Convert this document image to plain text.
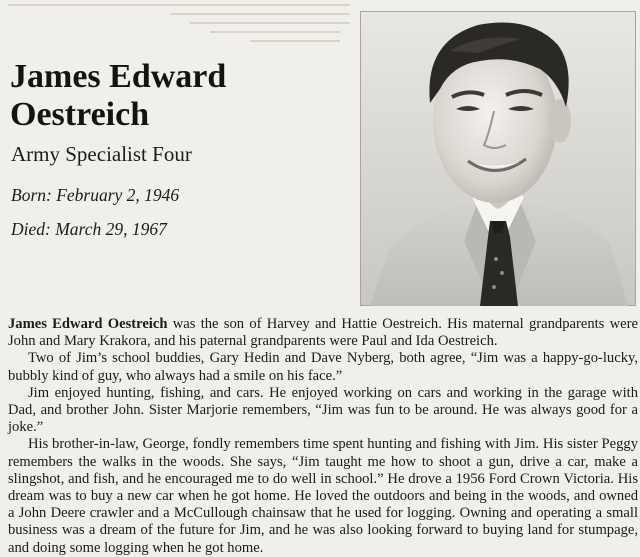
James Edward Oestreich
Army Specialist Four
Born: February 2, 1946
Died: March 29, 1967

James Edward Oestreich was the son of Harvey and Hattie Oestreich. His maternal grandparents were John and Mary Krakora, and his paternal grandparents were Paul and Ida Oestreich.

Two of Jim’s school buddies, Gary Hedin and Dave Nyberg, both agree, “Jim was a happy-go-lucky, bubbly kind of guy, who always had a smile on his face.”

Jim enjoyed hunting, fishing, and cars. He enjoyed working on cars and working in the garage with Dad, and brother John. Sister Marjorie remembers, “Jim was fun to be around. He was always good for a joke.”

His brother-in-law, George, fondly remembers time spent hunting and fishing with Jim. His sister Peggy remembers the walks in the woods. She says, “Jim taught me how to shoot a gun, drive a car, make a slingshot, and fish, and he encouraged me to do well in school.” He drove a 1956 Ford Crown Victoria. His dream was to buy a new car when he got home. He loved the outdoors and being in the woods, and owned a John Deere crawler and a McCullough chainsaw that he used for logging. Owning and operating a small business was a dream of the future for Jim, and he was also looking forward to buying land for stumpage, and doing some logging when he got home.
